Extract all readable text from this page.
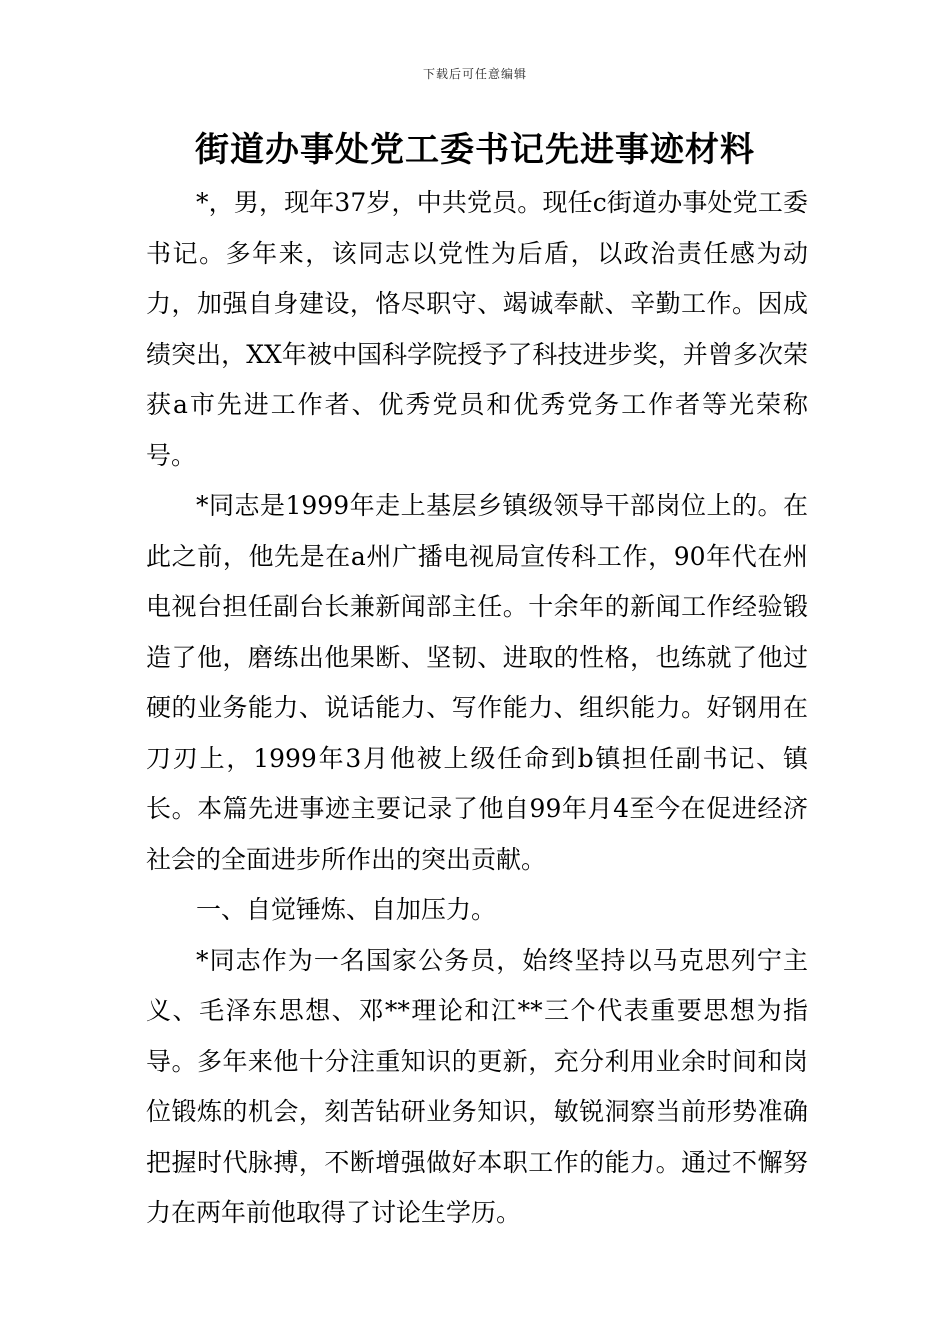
下载后可任意编辑
街道办事处党工委书记先进事迹材料

*，男，现年37岁，中共党员。现任c街道办事处党工委书记。多年来，该同志以党性为后盾，以政治责任感为动力，加强自身建设，恪尽职守、竭诚奉献、辛勤工作。因成绩突出，XX年被中国科学院授予了科技进步奖，并曾多次荣获a市先进工作者、优秀党员和优秀党务工作者等光荣称号。

*同志是1999年走上基层乡镇级领导干部岗位上的。在此之前，他先是在a州广播电视局宣传科工作，90年代在州电视台担任副台长兼新闻部主任。十余年的新闻工作经验锻造了他，磨练出他果断、坚韧、进取的性格，也练就了他过硬的业务能力、说话能力、写作能力、组织能力。好钢用在刀刃上，1999年3月他被上级任命到b镇担任副书记、镇长。本篇先进事迹主要记录了他自99年月4至今在促进经济社会的全面进步所作出的突出贡献。

一、自觉锤炼、自加压力。

*同志作为一名国家公务员，始终坚持以马克思列宁主义、毛泽东思想、邓**理论和江**三个代表重要思想为指导。多年来他十分注重知识的更新，充分利用业余时间和岗位锻炼的机会，刻苦钻研业务知识，敏锐洞察当前形势准确把握时代脉搏，不断增强做好本职工作的能力。通过不懈努力在两年前他取得了讨论生学历。
